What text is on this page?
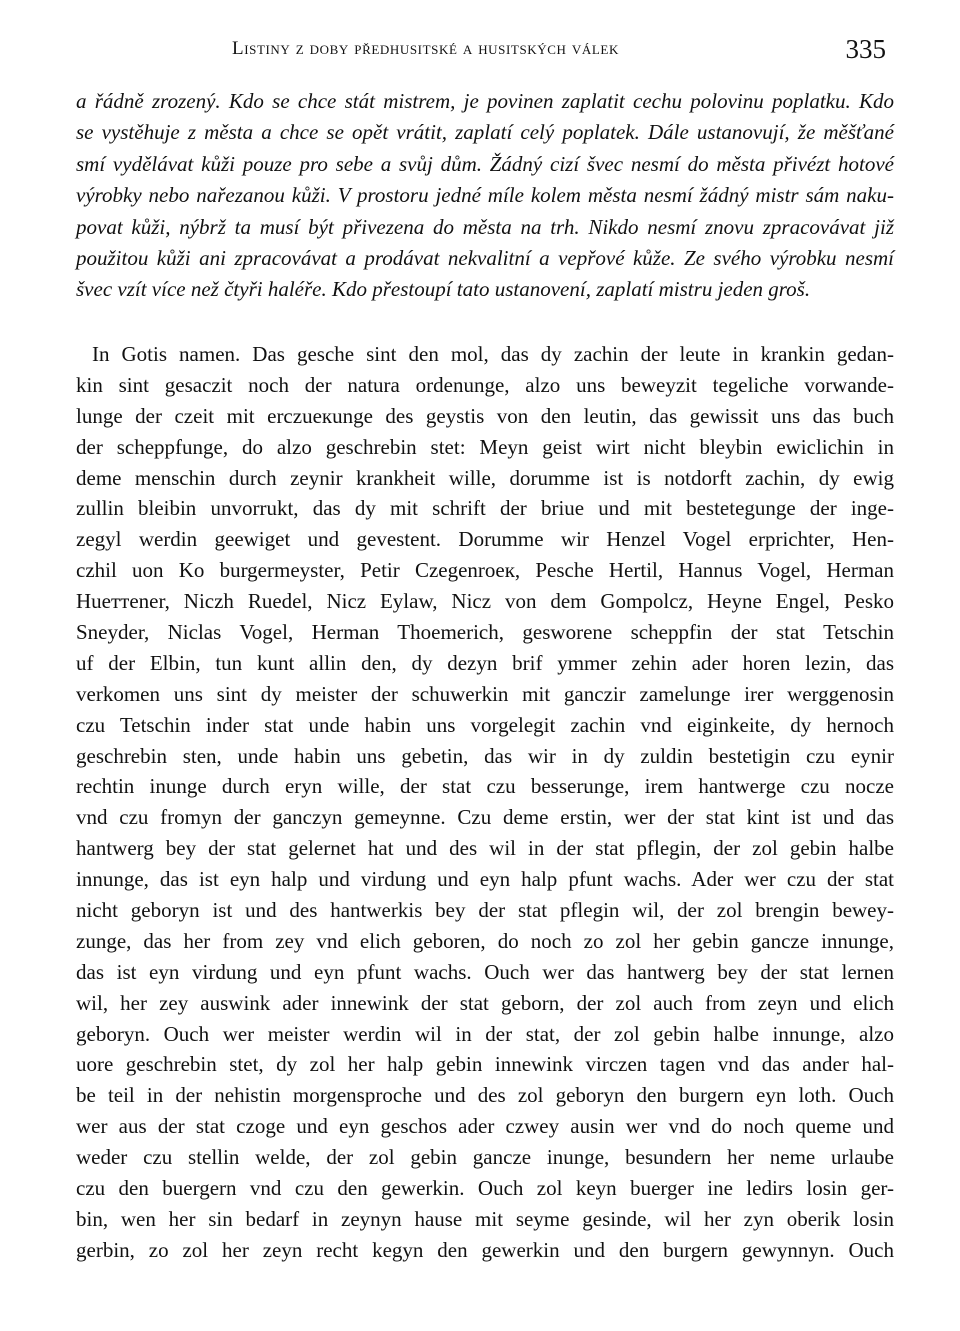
Listiny z doby předhusitské a husitských válek	335
a řádně zrozený. Kdo se chce stát mistrem, je povinen zaplatit cechu polovinu poplatku. Kdo
se vystěhuje z města a chce se opět vrátit, zaplatí celý poplatek. Dále ustanovují, že měšťané
smí vydělávat kůži pouze pro sebe a svůj dům. Žádný cizí švec nesmí do města přivézt hotové
výrobky nebo nařezanou kůži. V prostoru jedné míle kolem města nesmí žádný mistr sám naku-
povat kůži, nýbrž ta musí být přivezena do města na trh. Nikdo nesmí znovu zpracovávat již
použitou kůži ani zpracovávat a prodávat nekvalitní a vepřové kůže. Ze svého výrobku nesmí
švec vzít více než čtyři haléře. Kdo přestoupí tato ustanovení, zaplatí mistru jeden groš.
In Gotis namen. Das gesche sint den mol, das dy zachin der leute in krankin gedan-
kin sint gesaczit noch der natura ordenunge, alzo uns beweyzit tegeliche vorwande-
lunge der czeit mit erczueкunge des geystis von den leutin, das gewissit uns das buch
der scheppfunge, do alzo geschrebin stet: Meyn geist wirt nicht bleybin ewiclichin in
deme menschin durch zeynir krankheit wille, dorumme ist is notdorft zachin, dy ewig
zullin bleibin unvorrukt, das dy mit schrift der briue und mit bestetegunge der inge-
zegyl werdin geewiget und gevestent. Dorumme wir Henzel Vogel erprichter, Hen-
czhil uon Ko burgermeyster, Petir Czegenroeк, Pesche Hertil, Hannus Vogel, Herman
Hueттener, Niczh Ruedel, Nicz Eylaw, Nicz von dem Gompolcz, Heyne Engel, Pesko
Sneyder, Niclas Vogel, Herman Thoemerich, gesworene scheppfin der stat Tetschin
uf der Elbin, tun kunt allin den, dy dezyn brif ymmer zehin ader horen lezin, das
verkomen uns sint dy meister der schuwerkin mit ganczir zamelunge irer werggenosin
czu Tetschin inder stat unde habin uns vorgelegit zachin vnd eiginkeite, dy hernoch
geschrebin sten, unde habin uns gebetin, das wir in dy zuldin bestetigin czu eynir
rechtin inunge durch eryn wille, der stat czu besserunge, irem hantwerge czu nocze
vnd czu fromyn der ganczyn gemeynne. Czu deme erstin, wer der stat kint ist und das
hantwerg bey der stat gelernet hat und des wil in der stat pflegin, der zol gebin halbe
innunge, das ist eyn halp und virdung und eyn halp pfunt wachs. Ader wer czu der stat
nicht geboryn ist und des hantwerkis bey der stat pflegin wil, der zol brengin bewey-
zunge, das her from zey vnd elich geboren, do noch zo zol her gebin gancze innunge,
das ist eyn virdung und eyn pfunt wachs. Ouch wer das hantwerg bey der stat lernen
wil, her zey auswink ader innewink der stat geborn, der zol auch from zeyn und elich
geboryn. Ouch wer meister werdin wil in der stat, der zol gebin halbe innunge, alzo
uore geschrebin stet, dy zol her halp gebin innewink virczen tagen vnd das ander hal-
be teil in der nehistin morgensproche und des zol geboryn den burgern eyn loth. Ouch
wer aus der stat czoge und eyn geschos ader czwey ausin wer vnd do noch queme und
weder czu stellin welde, der zol gebin gancze inunge, besundern her neme urlaube
czu den buergern vnd czu den gewerkin. Ouch zol keyn buerger ine ledirs losin ger-
bin, wen her sin bedarf in zeynyn hause mit seyme gesinde, wil her zyn oberik losin
gerbin, zo zol her zeyn recht kegyn den gewerkin und den burgern gewynnyn. Ouch
